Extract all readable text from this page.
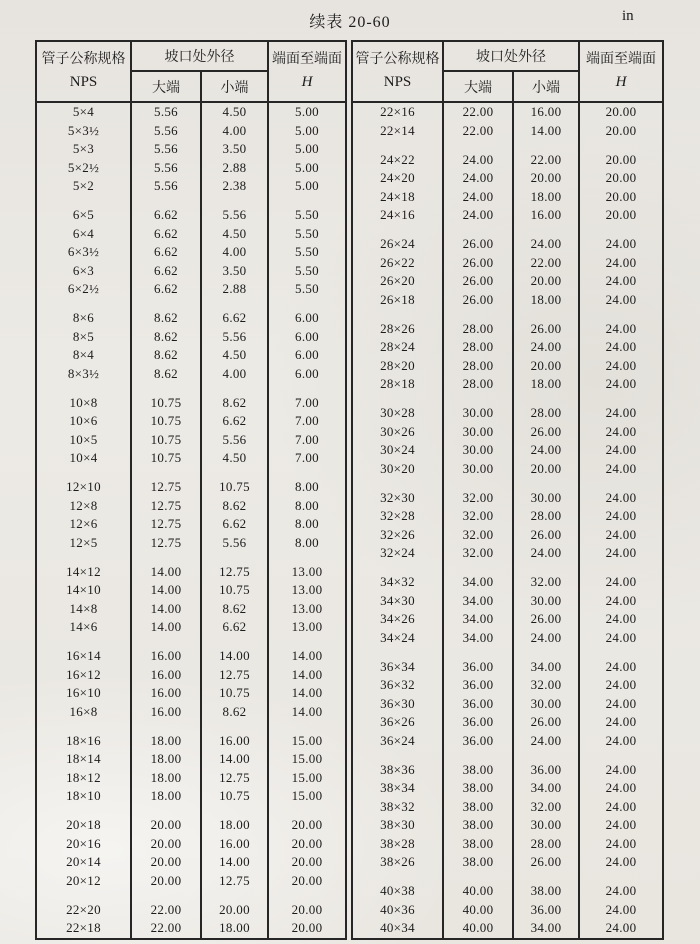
续表 20-60	in
管子公称规格
NPS
	坡口处外径	端面至端面
H

	大端	小端	
5×4	5.56	4.50	5.00
5×3½	5.56	4.00	5.00
5×3	5.56	3.50	5.00
5×2½	5.56	2.88	5.00
5×2	5.56	2.38	5.00

6×5	6.62	5.56	5.50
6×4	6.62	4.50	5.50
6×3½	6.62	4.00	5.50
6×3	6.62	3.50	5.50
6×2½	6.62	2.88	5.50

8×6	8.62	6.62	6.00
8×5	8.62	5.56	6.00
8×4	8.62	4.50	6.00
8×3½	8.62	4.00	6.00

10×8	10.75	8.62	7.00
10×6	10.75	6.62	7.00
10×5	10.75	5.56	7.00
10×4	10.75	4.50	7.00

12×10	12.75	10.75	8.00
12×8	12.75	8.62	8.00
12×6	12.75	6.62	8.00
12×5	12.75	5.56	8.00

14×12	14.00	12.75	13.00
14×10	14.00	10.75	13.00
14×8	14.00	8.62	13.00
14×6	14.00	6.62	13.00

16×14	16.00	14.00	14.00
16×12	16.00	12.75	14.00
16×10	16.00	10.75	14.00
16×8	16.00	8.62	14.00

18×16	18.00	16.00	15.00
18×14	18.00	14.00	15.00
18×12	18.00	12.75	15.00
18×10	18.00	10.75	15.00

20×18	20.00	18.00	20.00
20×16	20.00	16.00	20.00
20×14	20.00	14.00	20.00
20×12	20.00	12.75	20.00

22×20	22.00	20.00	20.00
22×18	22.00	18.00	20.00
管子公称规格
NPS
	坡口处外径	端面至端面
H

	大端	小端	
22×16	22.00	16.00	20.00
22×14	22.00	14.00	20.00

24×22	24.00	22.00	20.00
24×20	24.00	20.00	20.00
24×18	24.00	18.00	20.00
24×16	24.00	16.00	20.00

26×24	26.00	24.00	24.00
26×22	26.00	22.00	24.00
26×20	26.00	20.00	24.00
26×18	26.00	18.00	24.00

28×26	28.00	26.00	24.00
28×24	28.00	24.00	24.00
28×20	28.00	20.00	24.00
28×18	28.00	18.00	24.00

30×28	30.00	28.00	24.00
30×26	30.00	26.00	24.00
30×24	30.00	24.00	24.00
30×20	30.00	20.00	24.00

32×30	32.00	30.00	24.00
32×28	32.00	28.00	24.00
32×26	32.00	26.00	24.00
32×24	32.00	24.00	24.00

34×32	34.00	32.00	24.00
34×30	34.00	30.00	24.00
34×26	34.00	26.00	24.00
34×24	34.00	24.00	24.00

36×34	36.00	34.00	24.00
36×32	36.00	32.00	24.00
36×30	36.00	30.00	24.00
36×26	36.00	26.00	24.00
36×24	36.00	24.00	24.00

38×36	38.00	36.00	24.00
38×34	38.00	34.00	24.00
38×32	38.00	32.00	24.00
38×30	38.00	30.00	24.00
38×28	38.00	28.00	24.00
38×26	38.00	26.00	24.00

40×38	40.00	38.00	24.00
40×36	40.00	36.00	24.00
40×34	40.00	34.00	24.00
